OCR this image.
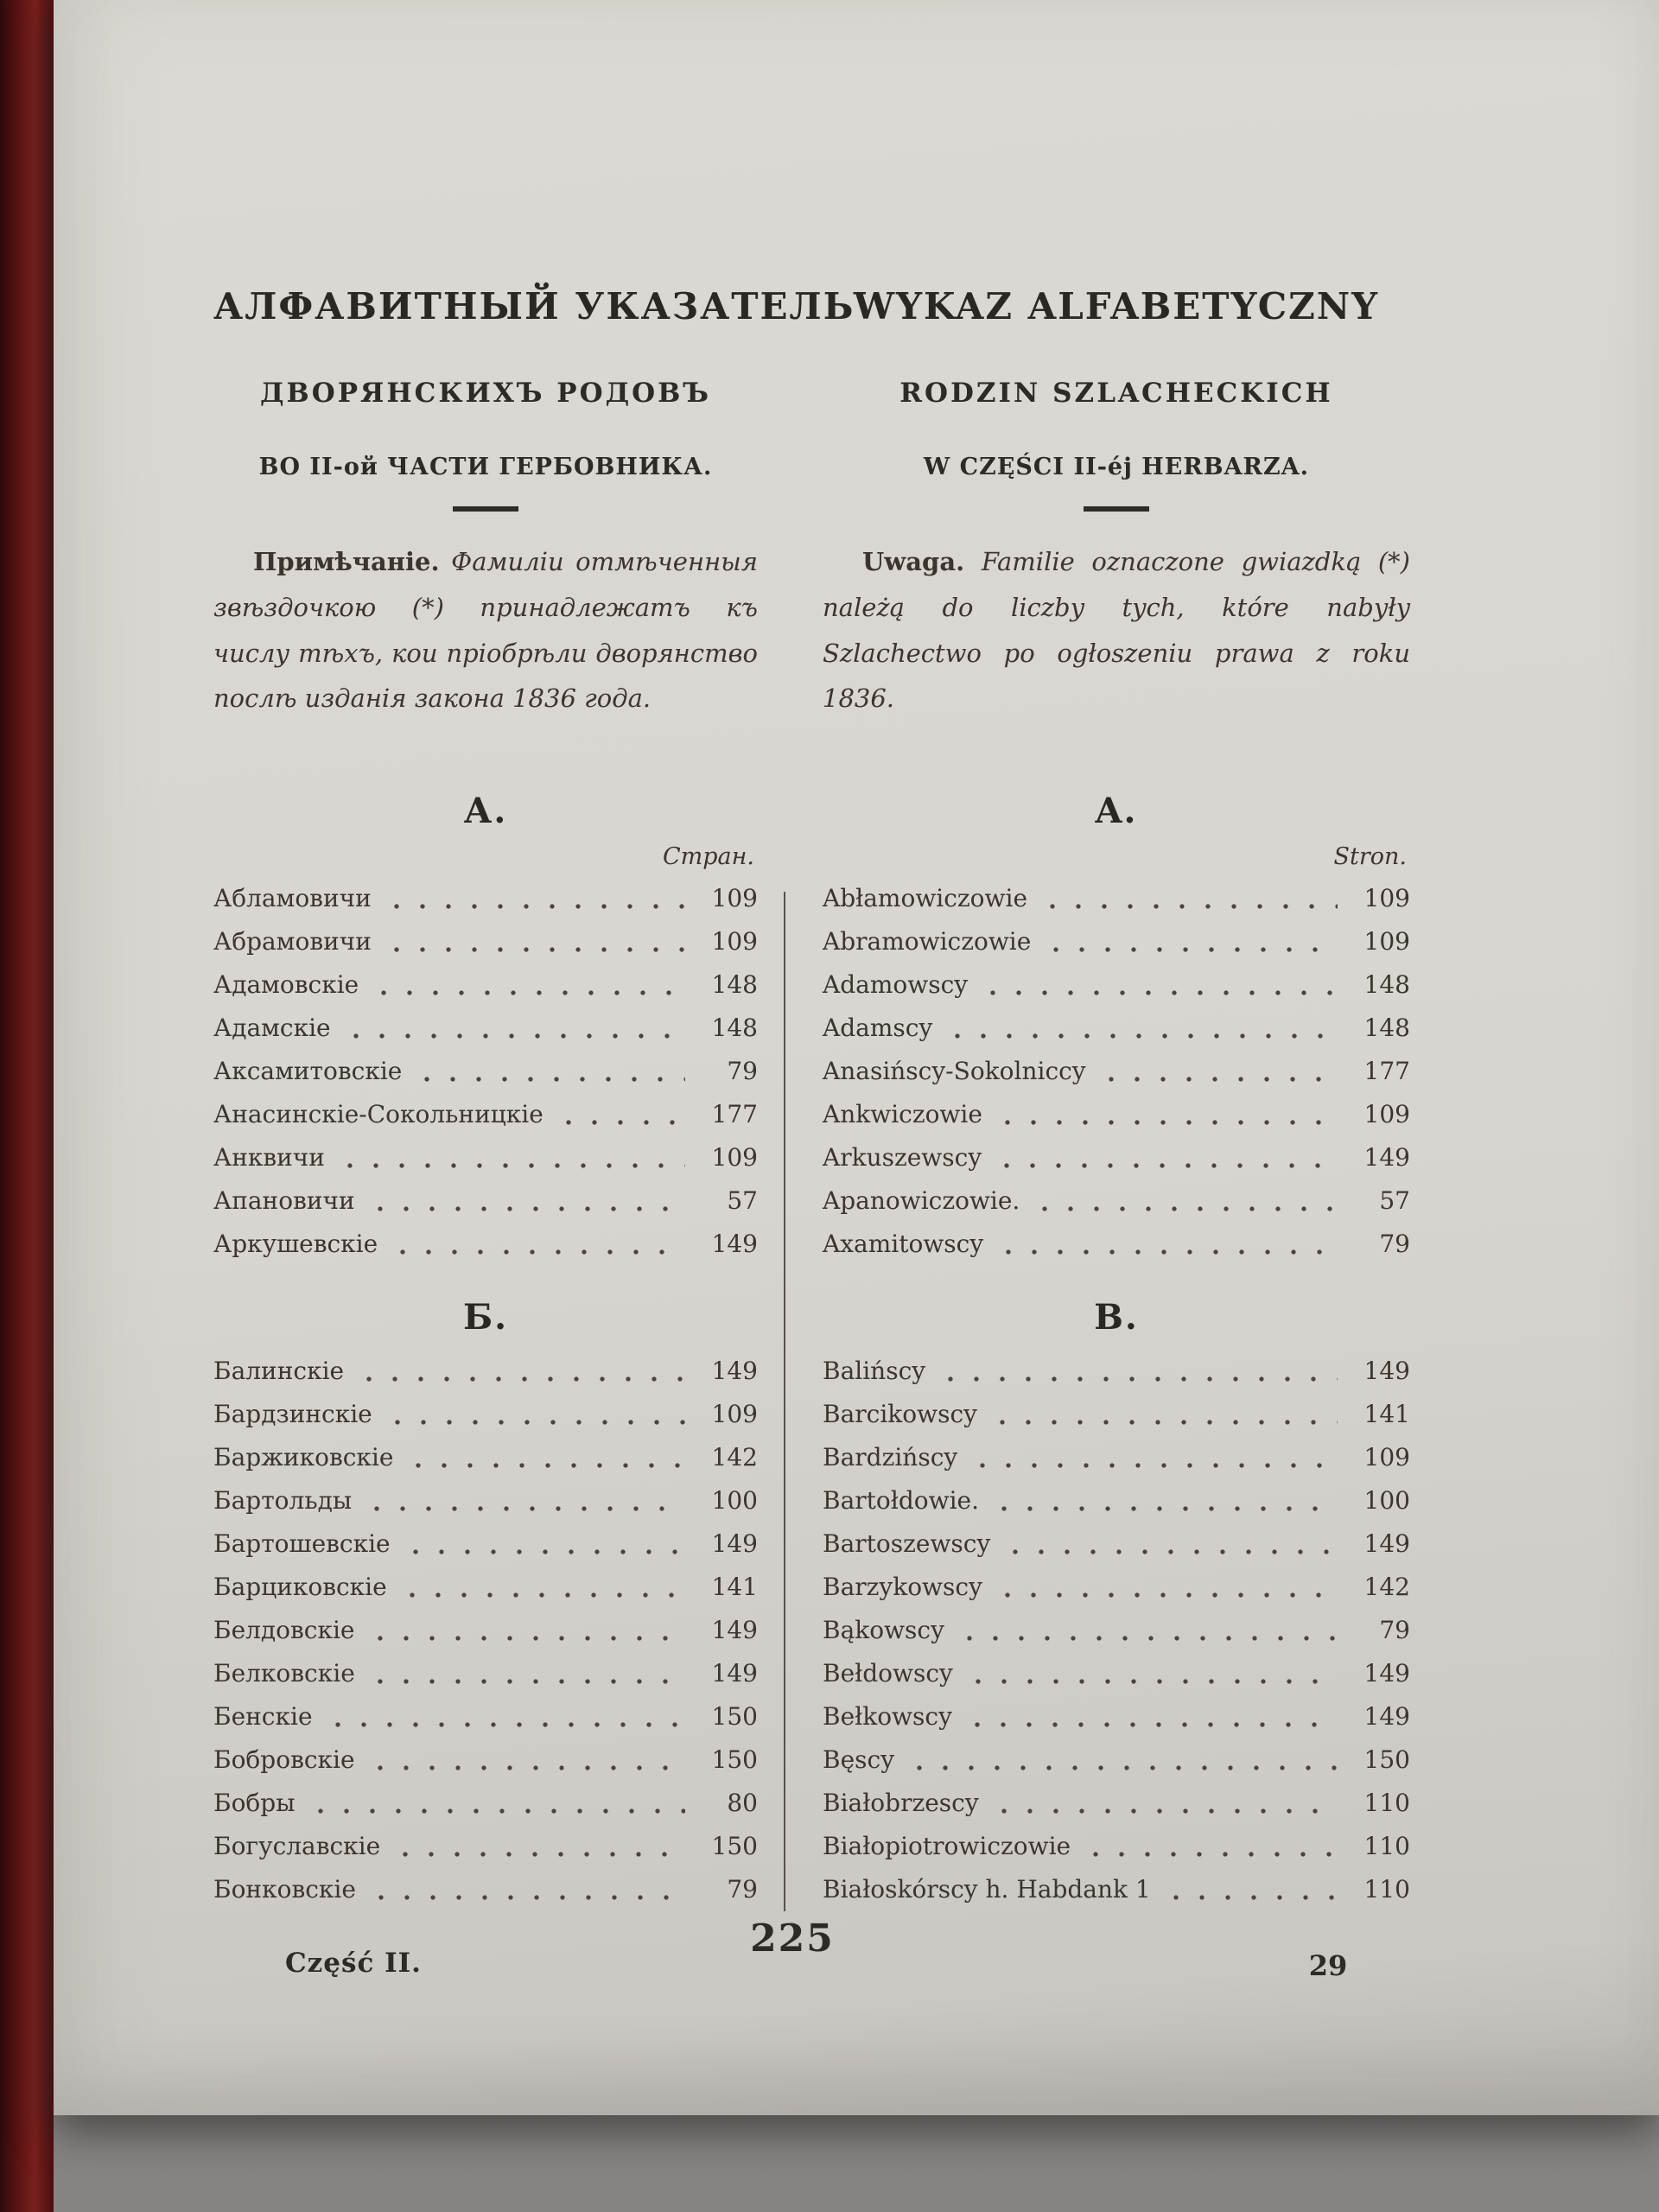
АЛФАВИТНЫЙ УКАЗАТЕЛЬ
ДВОРЯНСКИХЪ РОДОВЪ
ВО II-ой ЧАСТИ ГЕРБОВНИКА.

Примѣчаніе. Фамиліи отмѣченныя звѣздочкою (*) принадлежатъ къ числу тѣхъ, кои пріобрѣли дворянство послѣ изданія закона 1836 года.

А.
Стран.
Абламовичи	109
Абрамовичи	109
Адамовскіе	148
Адамскіе	148
Аксамитовскіе	79
Анасинскіе-Сокольницкіе	177
Анквичи	109
Апановичи	57
Аркушевскіе	149
Б.
Балинскіе	149
Бардзинскіе	109
Баржиковскіе	142
Бартольды	100
Бартошевскіе	149
Барциковскіе	141
Белдовскіе	149
Белковскіе	149
Бенскіе	150
Бобровскіе	150
Бобры	80
Богуславскіе	150
Бонковскіе	79
WYKAZ ALFABETYCZNY
RODZIN SZLACHECKICH
W CZĘŚCI II-éj HERBARZA.

Uwaga. Familie oznaczone gwiazdką (*) należą do liczby tych, które nabyły Szlachectwo po ogłoszeniu prawa z roku 1836.

A.
Stron.
Abłamowiczowie	109
Abramowiczowie	109
Adamowscy	148
Adamscy	148
Anasińscy-Sokolniccy	177
Ankwiczowie	109
Arkuszewscy	149
Apanowiczowie.	57
Axamitowscy	79
B.
Balińscy	149
Barcikowscy	141
Bardzińscy	109
Bartołdowie.	100
Bartoszewscy	149
Barzykowscy	142
Bąkowscy	79
Bełdowscy	149
Bełkowscy	149
Bęscy	150
Białobrzescy	110
Białopiotrowiczowie	110
Białoskórscy h. Habdank 1	110
225
29
Część II.
